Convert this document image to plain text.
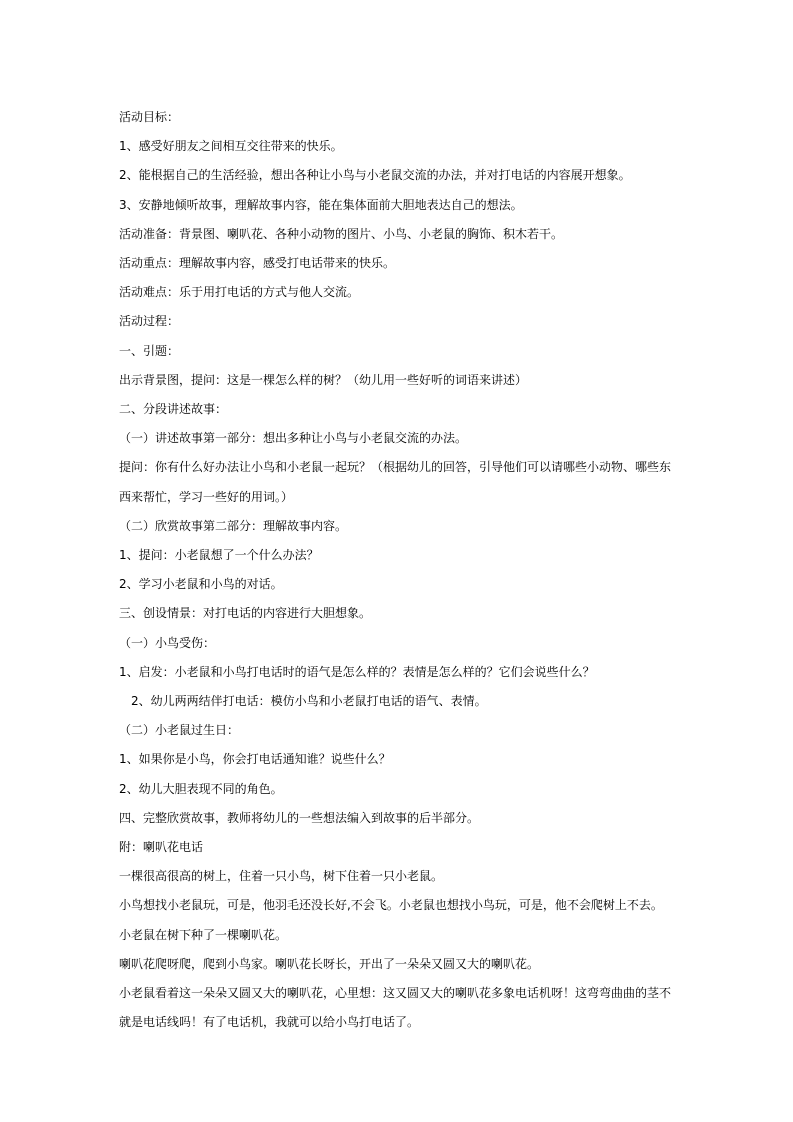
活动目标：
1、感受好朋友之间相互交往带来的快乐。
2、能根据自己的生活经验，想出各种让小鸟与小老鼠交流的办法，并对打电话的内容展开想象。
3、安静地倾听故事，理解故事内容，能在集体面前大胆地表达自己的想法。
活动准备：背景图、喇叭花、各种小动物的图片、小鸟、小老鼠的胸饰、积木若干。
活动重点：理解故事内容，感受打电话带来的快乐。
活动难点：乐于用打电话的方式与他人交流。
活动过程：
一、引题：
出示背景图，提问：这是一棵怎么样的树？（幼儿用一些好听的词语来讲述）
二、分段讲述故事：
（一）讲述故事第一部分：想出多种让小鸟与小老鼠交流的办法。
提问：你有什么好办法让小鸟和小老鼠一起玩？（根据幼儿的回答，引导他们可以请哪些小动物、哪些东西来帮忙，学习一些好的用词。）
（二）欣赏故事第二部分：理解故事内容。
1、提问：小老鼠想了一个什么办法？
2、学习小老鼠和小鸟的对话。
三、创设情景：对打电话的内容进行大胆想象。
（一）小鸟受伤：
1、启发：小老鼠和小鸟打电话时的语气是怎么样的？表情是怎么样的？它们会说些什么？
2、幼儿两两结伴打电话：模仿小鸟和小老鼠打电话的语气、表情。
（二）小老鼠过生日：
1、如果你是小鸟，你会打电话通知谁？说些什么？
2、幼儿大胆表现不同的角色。
四、完整欣赏故事，教师将幼儿的一些想法编入到故事的后半部分。
附：喇叭花电话
一棵很高很高的树上，住着一只小鸟，树下住着一只小老鼠。
小鸟想找小老鼠玩，可是，他羽毛还没长好,不会飞。小老鼠也想找小鸟玩，可是，他不会爬树上不去。
小老鼠在树下种了一棵喇叭花。
喇叭花爬呀爬，爬到小鸟家。喇叭花长呀长，开出了一朵朵又圆又大的喇叭花。
小老鼠看着这一朵朵又圆又大的喇叭花，心里想：这又圆又大的喇叭花多象电话机呀！这弯弯曲曲的茎不就是电话线吗！有了电话机，我就可以给小鸟打电话了。
